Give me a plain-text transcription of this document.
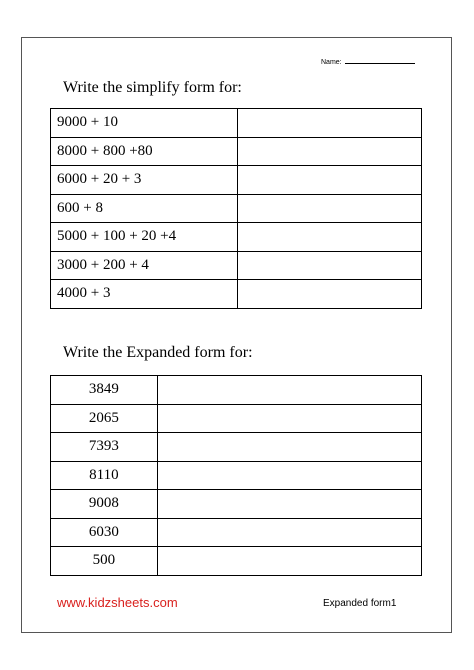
Name:
Write the simplify form for:
9000 + 10	
8000 + 800 +80	
6000 + 20 + 3	
600 + 8	
5000 + 100 + 20 +4	
3000 + 200 + 4	
4000 + 3	
Write the Expanded form for:
3849	
2065	
7393	
8110	
9008	
6030	
500	
www.kidzsheets.com	Expanded form1
